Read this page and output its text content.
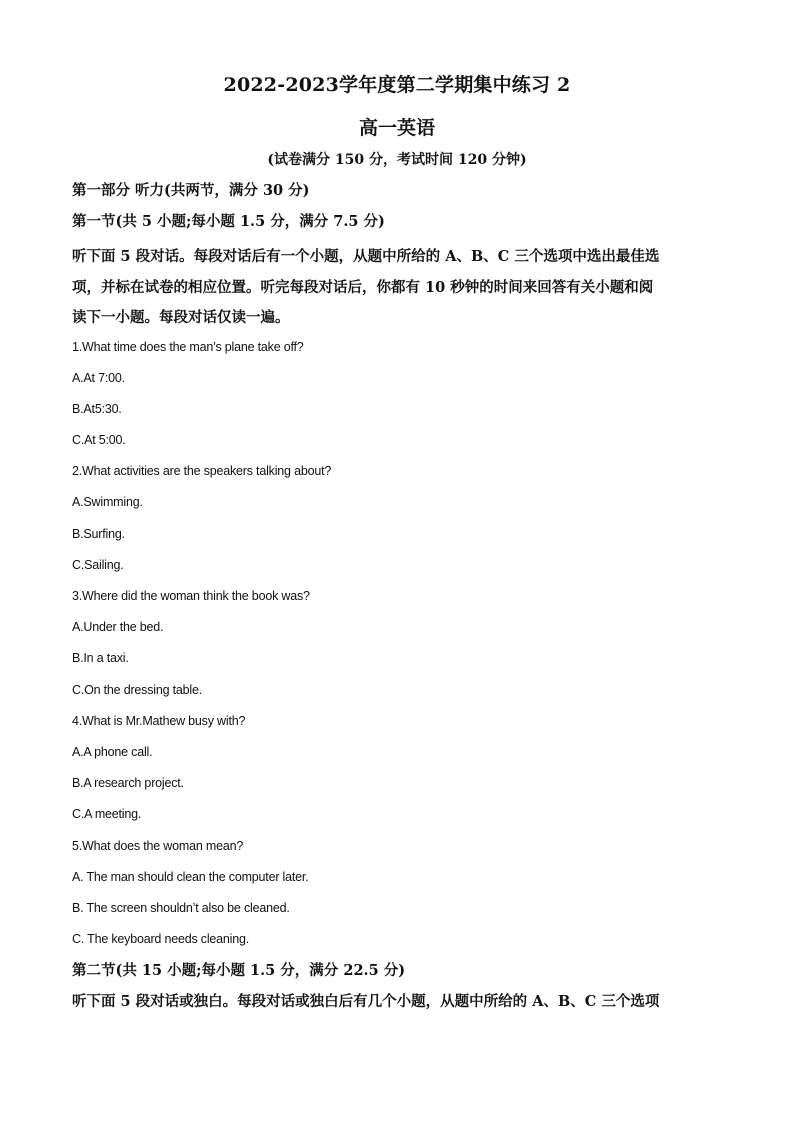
2022-2023学年度第二学期集中练习 2
高一英语
(试卷满分 150 分，考试时间 120 分钟)
第一部分 听力(共两节，满分 30 分)
第一节(共 5 小题;每小题 1.5 分，满分 7.5 分)
听下面 5 段对话。每段对话后有一个小题，从题中所给的 A、B、C 三个选项中选出最佳选
项，并标在试卷的相应位置。听完每段对话后，你都有 10 秒钟的时间来回答有关小题和阅
读下一小题。每段对话仅读一遍。
1.What time does the man’s plane take off?
A.At 7:00.
B.At5:30.
C.At 5:00.
2.What activities are the speakers talking about?
A.Swimming.
B.Surfing.
C.Sailing.
3.Where did the woman think the book was?
A.Under the bed.
B.In a taxi.
C.On the dressing table.
4.What is Mr.Mathew busy with?
A.A phone call.
B.A research project.
C.A meeting.
5.What does the woman mean?
A. The man should clean the computer later.
B. The screen shouldn’t also be cleaned.
C. The keyboard needs cleaning.
第二节(共 15 小题;每小题 1.5 分，满分 22.5 分)
听下面 5 段对话或独白。每段对话或独白后有几个小题，从题中所给的 A、B、C 三个选项
